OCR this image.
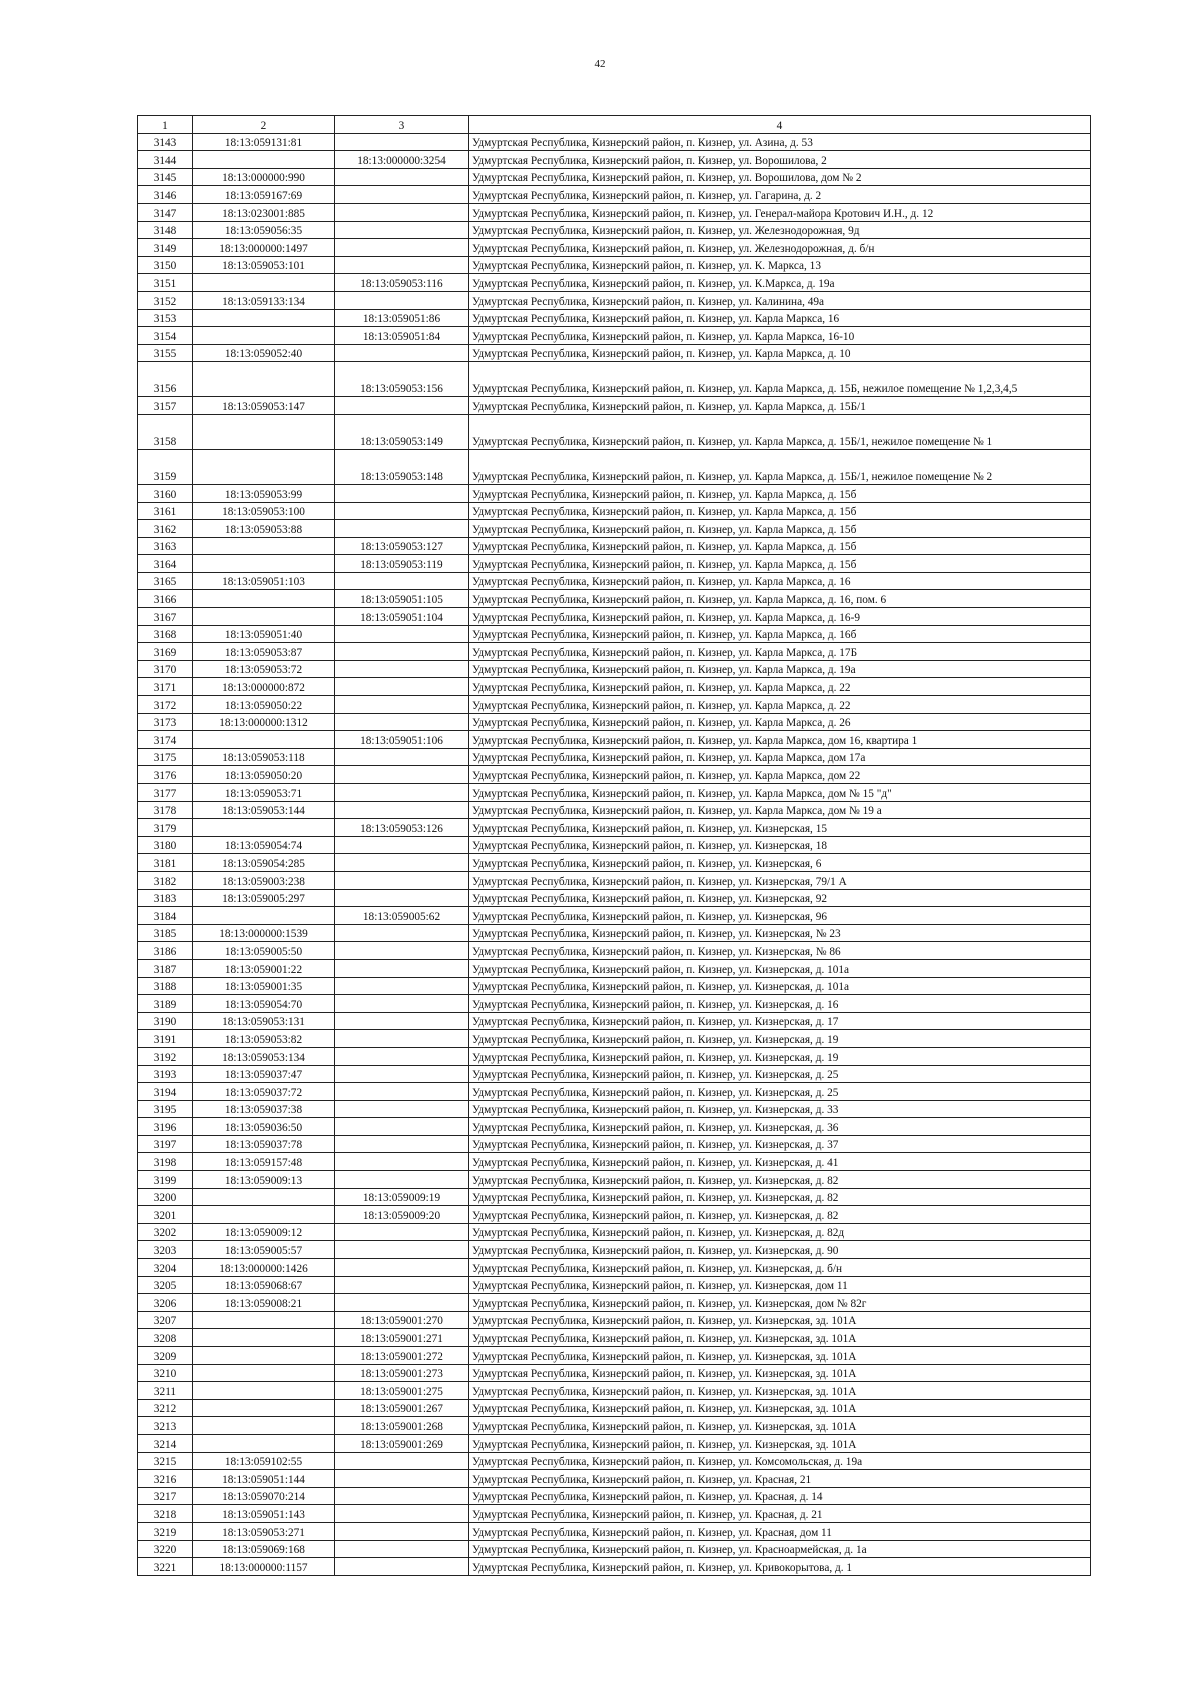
42
1	2	3	4
3143	18:13:059131:81		Удмуртская Республика, Кизнерский район, п. Кизнер, ул. Азина, д. 53
3144		18:13:000000:3254	Удмуртская Республика, Кизнерский район, п. Кизнер, ул. Ворошилова, 2
3145	18:13:000000:990		Удмуртская Республика, Кизнерский район, п. Кизнер, ул. Ворошилова, дом № 2
3146	18:13:059167:69		Удмуртская Республика, Кизнерский район, п. Кизнер, ул. Гагарина, д. 2
3147	18:13:023001:885		Удмуртская Республика, Кизнерский район, п. Кизнер, ул. Генерал-майора Кротович И.Н., д. 12
3148	18:13:059056:35		Удмуртская Республика, Кизнерский район, п. Кизнер, ул. Железнодорожная, 9д
3149	18:13:000000:1497		Удмуртская Республика, Кизнерский район, п. Кизнер, ул. Железнодорожная, д. б/н
3150	18:13:059053:101		Удмуртская Республика, Кизнерский район, п. Кизнер, ул. К. Маркса, 13
3151		18:13:059053:116	Удмуртская Республика, Кизнерский район, п. Кизнер, ул. К.Маркса, д. 19а
3152	18:13:059133:134		Удмуртская Республика, Кизнерский район, п. Кизнер, ул. Калинина, 49а
3153		18:13:059051:86	Удмуртская Республика, Кизнерский район, п. Кизнер, ул. Карла Маркса, 16
3154		18:13:059051:84	Удмуртская Республика, Кизнерский район, п. Кизнер, ул. Карла Маркса, 16-10
3155	18:13:059052:40		Удмуртская Республика, Кизнерский район, п. Кизнер, ул. Карла Маркса, д. 10
3156		18:13:059053:156	Удмуртская Республика, Кизнерский район, п. Кизнер, ул. Карла Маркса, д. 15Б, нежилое помещение № 1,2,3,4,5
3157	18:13:059053:147		Удмуртская Республика, Кизнерский район, п. Кизнер, ул. Карла Маркса, д. 15Б/1
3158		18:13:059053:149	Удмуртская Республика, Кизнерский район, п. Кизнер, ул. Карла Маркса, д. 15Б/1, нежилое помещение № 1
3159		18:13:059053:148	Удмуртская Республика, Кизнерский район, п. Кизнер, ул. Карла Маркса, д. 15Б/1, нежилое помещение № 2
3160	18:13:059053:99		Удмуртская Республика, Кизнерский район, п. Кизнер, ул. Карла Маркса, д. 15б
3161	18:13:059053:100		Удмуртская Республика, Кизнерский район, п. Кизнер, ул. Карла Маркса, д. 15б
3162	18:13:059053:88		Удмуртская Республика, Кизнерский район, п. Кизнер, ул. Карла Маркса, д. 15б
3163		18:13:059053:127	Удмуртская Республика, Кизнерский район, п. Кизнер, ул. Карла Маркса, д. 15б
3164		18:13:059053:119	Удмуртская Республика, Кизнерский район, п. Кизнер, ул. Карла Маркса, д. 15б
3165	18:13:059051:103		Удмуртская Республика, Кизнерский район, п. Кизнер, ул. Карла Маркса, д. 16
3166		18:13:059051:105	Удмуртская Республика, Кизнерский район, п. Кизнер, ул. Карла Маркса, д. 16, пом. 6
3167		18:13:059051:104	Удмуртская Республика, Кизнерский район, п. Кизнер, ул. Карла Маркса, д. 16-9
3168	18:13:059051:40		Удмуртская Республика, Кизнерский район, п. Кизнер, ул. Карла Маркса, д. 16б
3169	18:13:059053:87		Удмуртская Республика, Кизнерский район, п. Кизнер, ул. Карла Маркса, д. 17Б
3170	18:13:059053:72		Удмуртская Республика, Кизнерский район, п. Кизнер, ул. Карла Маркса, д. 19а
3171	18:13:000000:872		Удмуртская Республика, Кизнерский район, п. Кизнер, ул. Карла Маркса, д. 22
3172	18:13:059050:22		Удмуртская Республика, Кизнерский район, п. Кизнер, ул. Карла Маркса, д. 22
3173	18:13:000000:1312		Удмуртская Республика, Кизнерский район, п. Кизнер, ул. Карла Маркса, д. 26
3174		18:13:059051:106	Удмуртская Республика, Кизнерский район, п. Кизнер, ул. Карла Маркса, дом 16, квартира 1
3175	18:13:059053:118		Удмуртская Республика, Кизнерский район, п. Кизнер, ул. Карла Маркса, дом 17а
3176	18:13:059050:20		Удмуртская Республика, Кизнерский район, п. Кизнер, ул. Карла Маркса, дом 22
3177	18:13:059053:71		Удмуртская Республика, Кизнерский район, п. Кизнер, ул. Карла Маркса, дом № 15 "д"
3178	18:13:059053:144		Удмуртская Республика, Кизнерский район, п. Кизнер, ул. Карла Маркса, дом № 19 а
3179		18:13:059053:126	Удмуртская Республика, Кизнерский район, п. Кизнер, ул. Кизнерская, 15
3180	18:13:059054:74		Удмуртская Республика, Кизнерский район, п. Кизнер, ул. Кизнерская, 18
3181	18:13:059054:285		Удмуртская Республика, Кизнерский район, п. Кизнер, ул. Кизнерская, 6
3182	18:13:059003:238		Удмуртская Республика, Кизнерский район, п. Кизнер, ул. Кизнерская, 79/1 А
3183	18:13:059005:297		Удмуртская Республика, Кизнерский район, п. Кизнер, ул. Кизнерская, 92
3184		18:13:059005:62	Удмуртская Республика, Кизнерский район, п. Кизнер, ул. Кизнерская, 96
3185	18:13:000000:1539		Удмуртская Республика, Кизнерский район, п. Кизнер, ул. Кизнерская, № 23
3186	18:13:059005:50		Удмуртская Республика, Кизнерский район, п. Кизнер, ул. Кизнерская, № 86
3187	18:13:059001:22		Удмуртская Республика, Кизнерский район, п. Кизнер, ул. Кизнерская, д. 101а
3188	18:13:059001:35		Удмуртская Республика, Кизнерский район, п. Кизнер, ул. Кизнерская, д. 101а
3189	18:13:059054:70		Удмуртская Республика, Кизнерский район, п. Кизнер, ул. Кизнерская, д. 16
3190	18:13:059053:131		Удмуртская Республика, Кизнерский район, п. Кизнер, ул. Кизнерская, д. 17
3191	18:13:059053:82		Удмуртская Республика, Кизнерский район, п. Кизнер, ул. Кизнерская, д. 19
3192	18:13:059053:134		Удмуртская Республика, Кизнерский район, п. Кизнер, ул. Кизнерская, д. 19
3193	18:13:059037:47		Удмуртская Республика, Кизнерский район, п. Кизнер, ул. Кизнерская, д. 25
3194	18:13:059037:72		Удмуртская Республика, Кизнерский район, п. Кизнер, ул. Кизнерская, д. 25
3195	18:13:059037:38		Удмуртская Республика, Кизнерский район, п. Кизнер, ул. Кизнерская, д. 33
3196	18:13:059036:50		Удмуртская Республика, Кизнерский район, п. Кизнер, ул. Кизнерская, д. 36
3197	18:13:059037:78		Удмуртская Республика, Кизнерский район, п. Кизнер, ул. Кизнерская, д. 37
3198	18:13:059157:48		Удмуртская Республика, Кизнерский район, п. Кизнер, ул. Кизнерская, д. 41
3199	18:13:059009:13		Удмуртская Республика, Кизнерский район, п. Кизнер, ул. Кизнерская, д. 82
3200		18:13:059009:19	Удмуртская Республика, Кизнерский район, п. Кизнер, ул. Кизнерская, д. 82
3201		18:13:059009:20	Удмуртская Республика, Кизнерский район, п. Кизнер, ул. Кизнерская, д. 82
3202	18:13:059009:12		Удмуртская Республика, Кизнерский район, п. Кизнер, ул. Кизнерская, д. 82д
3203	18:13:059005:57		Удмуртская Республика, Кизнерский район, п. Кизнер, ул. Кизнерская, д. 90
3204	18:13:000000:1426		Удмуртская Республика, Кизнерский район, п. Кизнер, ул. Кизнерская, д. б/н
3205	18:13:059068:67		Удмуртская Республика, Кизнерский район, п. Кизнер, ул. Кизнерская, дом 11
3206	18:13:059008:21		Удмуртская Республика, Кизнерский район, п. Кизнер, ул. Кизнерская, дом № 82г
3207		18:13:059001:270	Удмуртская Республика, Кизнерский район, п. Кизнер, ул. Кизнерская, зд. 101А
3208		18:13:059001:271	Удмуртская Республика, Кизнерский район, п. Кизнер, ул. Кизнерская, зд. 101А
3209		18:13:059001:272	Удмуртская Республика, Кизнерский район, п. Кизнер, ул. Кизнерская, зд. 101А
3210		18:13:059001:273	Удмуртская Республика, Кизнерский район, п. Кизнер, ул. Кизнерская, зд. 101А
3211		18:13:059001:275	Удмуртская Республика, Кизнерский район, п. Кизнер, ул. Кизнерская, зд. 101А
3212		18:13:059001:267	Удмуртская Республика, Кизнерский район, п. Кизнер, ул. Кизнерская, зд. 101А
3213		18:13:059001:268	Удмуртская Республика, Кизнерский район, п. Кизнер, ул. Кизнерская, зд. 101А
3214		18:13:059001:269	Удмуртская Республика, Кизнерский район, п. Кизнер, ул. Кизнерская, зд. 101А
3215	18:13:059102:55		Удмуртская Республика, Кизнерский район, п. Кизнер, ул. Комсомольская, д. 19а
3216	18:13:059051:144		Удмуртская Республика, Кизнерский район, п. Кизнер, ул. Красная, 21
3217	18:13:059070:214		Удмуртская Республика, Кизнерский район, п. Кизнер, ул. Красная, д. 14
3218	18:13:059051:143		Удмуртская Республика, Кизнерский район, п. Кизнер, ул. Красная, д. 21
3219	18:13:059053:271		Удмуртская Республика, Кизнерский район, п. Кизнер, ул. Красная, дом 11
3220	18:13:059069:168		Удмуртская Республика, Кизнерский район, п. Кизнер, ул. Красноармейская, д. 1а
3221	18:13:000000:1157		Удмуртская Республика, Кизнерский район, п. Кизнер, ул. Кривокорытова, д. 1
